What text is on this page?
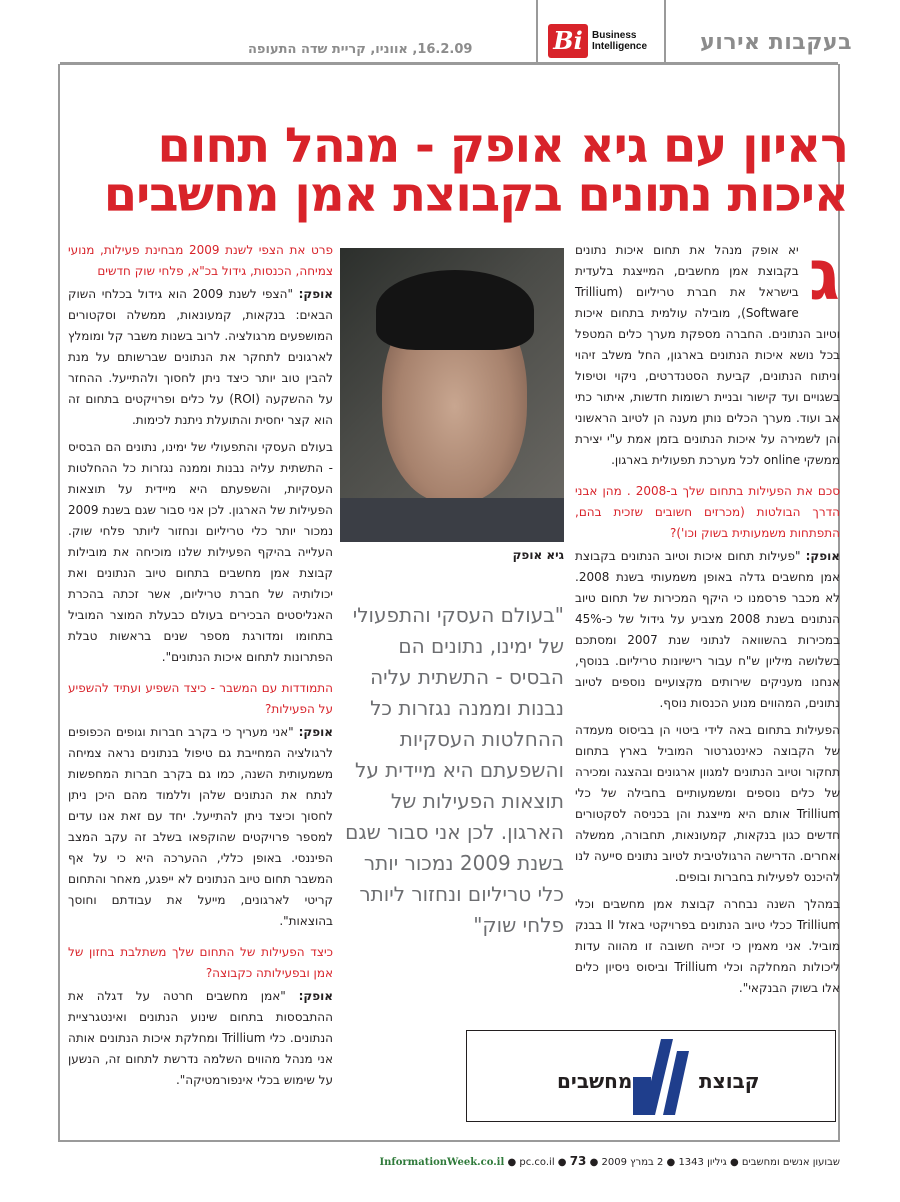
בעקבות אירוע
Bi Business
Intelligence
16.2.09, אווניו, קריית שדה התעופה
ראיון עם גיא אופק - מנהל תחום
איכות נתונים בקבוצת אמן מחשבים

ג
יא אופק מנהל את תחום איכות נתונים בקבוצת אמן מחשבים, המייצגת בלעדית בישראל את חברת טריליום (Trillium Software), מובילה עולמית בתחום איכות וטיוב הנתונים. החברה מספקת מערך כלים המטפל בכל נושא איכות הנתונים בארגון, החל משלב זיהוי וניתוח הנתונים, קביעת הסטנדרטים, ניקוי וטיפול בשגויים ועד קישור ובניית רשומות חדשות, איתור כתי אב ועוד. מערך הכלים נותן מענה הן לטיוב הראשוני והן לשמירה על איכות הנתונים בזמן אמת ע"י יצירת ממשקי online לכל מערכת תפעולית בארגון.

סכם את הפעילות בתחום שלך ב-2008 . מהן אבני הדרך הבולטות (מכרזים חשובים שזכית בהם, התפתחות משמעותית בשוק וכו')?

אופק: "פעילות תחום איכות וטיוב הנתונים בקבוצת אמן מחשבים גדלה באופן משמעותי בשנת 2008. לא מכבר פרסמנו כי היקף המכירות של תחום טיוב הנתונים בשנת 2008 מצביע על גידול של כ-45% במכירות בהשוואה לנתוני שנת 2007 ומסתכם בשלושה מיליון ש"ח עבור רישיונות טריליום. בנוסף, אנחנו מעניקים שירותים מקצועיים נוספים לטיוב נתונים, המהווים מנוע הכנסות נוסף.

הפעילות בתחום באה לידי ביטוי הן בביסוס מעמדה של הקבוצה כאינטגרטור המוביל בארץ בתחום תחקור וטיוב הנתונים למגוון ארגונים ובהצגה ומכירה של כלים נוספים ומשמעותיים בחבילה של כלי Trillium אותם היא מייצגת והן בכניסה לסקטורים חדשים כגון בנקאות, קמעונאות, תחבורה, ממשלה ואחרים. הדרישה הרגולטיבית לטיוב נתונים סייעה לנו להיכנס לפעילות בחברות ובופים.

במהלך השנה נבחרה קבוצת אמן מחשבים וכלי Trillium ככלי טיוב הנתונים בפרויקטי באזל II בבנק מוביל. אני מאמין כי זכייה חשובה זו מהווה עדות ליכולות המחלקה וכלי Trillium וביסוס ניסיון כלים אלו בשוק הבנקאי".

גיא אופק
"בעולם העסקי והתפעולי של ימינו, נתונים הם הבסיס - התשתית עליה נבנות וממנה נגזרות כל ההחלטות העסקיות והשפעתם היא מיידית על תוצאות הפעילות של הארגון. לכן אני סבור שגם בשנת 2009 נמכור יותר כלי טריליום ונחזור ליותר פלחי שוק"

פרט את הצפי לשנת 2009 מבחינת פעילות, מנועי צמיחה, הכנסות, גידול בכ"א, פלחי שוק חדשים

אופק: "הצפי לשנת 2009 הוא גידול בכלחי השוק הבאים: בנקאות, קמעונאות, ממשלה וסקטורים המושפעים מרגולציה. לרוב בשנות משבר קל ומומלץ לארגונים לתחקר את הנתונים שברשותם על מנת להבין טוב יותר כיצד ניתן לחסוך ולהתייעל. ההחזר על ההשקעה (ROI) על כלים ופרויקטים בתחום זה הוא קצר יחסית והתועלת ניתנת לכימות.

בעולם העסקי והתפעולי של ימינו, נתונים הם הבסיס - התשתית עליה נבנות וממנה נגזרות כל ההחלטות העסקיות, והשפעתם היא מיידית על תוצאות הפעילות של הארגון. לכן אני סבור שגם בשנת 2009 נמכור יותר כלי טריליום ונחזור ליותר פלחי שוק. העלייה בהיקף הפעילות שלנו מוכיחה את מובילות קבוצת אמן מחשבים בתחום טיוב הנתונים ואת יכולותיה של חברת טריליום, אשר זכתה בהכרת האנליסטים הבכירים בעולם כבעלת המוצר המוביל בתחומו ומדורגת מספר שנים בראשות טבלת הפתרונות לתחום איכות הנתונים".

התמודדות עם המשבר - כיצד השפיע ועתיד להשפיע על הפעילות?

אופק: "אני מעריך כי בקרב חברות וגופים הכפופים לרגולציה המחייבת גם טיפול בנתונים נראה צמיחה משמעותית השנה, כמו גם בקרב חברות המחפשות לנתח את הנתונים שלהן וללמוד מהם היכן ניתן לחסוך וכיצד ניתן להתייעל. יחד עם זאת אנו עדים למספר פרויקטים שהוקפאו בשלב זה עקב המצב הפיננסי. באופן כללי, ההערכה היא כי על אף המשבר תחום טיוב הנתונים לא ייפגע, מאחר והתחום קריטי לארגונים, מייעל את עבודתם וחוסך בהוצאות".

כיצד הפעילות של התחום שלך משתלבת בחזון של אמן ובפעילותה כקבוצה?

אופק: "אמן מחשבים חרטה על דגלה את ההתבססות בתחום שינוע הנתונים ואינטגרציית הנתונים. כלי Trillium ומחלקת איכות הנתונים אותה אני מנהל מהווים השלמה נדרשת לתחום זה, הנשען על שימוש בכלי אינפורמטיקה".	קבוצת
מחשבים
שבועון אנשים ומחשבים ● גיליון 1343 ● 2 במרץ 2009 ● InformationWeek.co.il ● pc.co.il ● 73
